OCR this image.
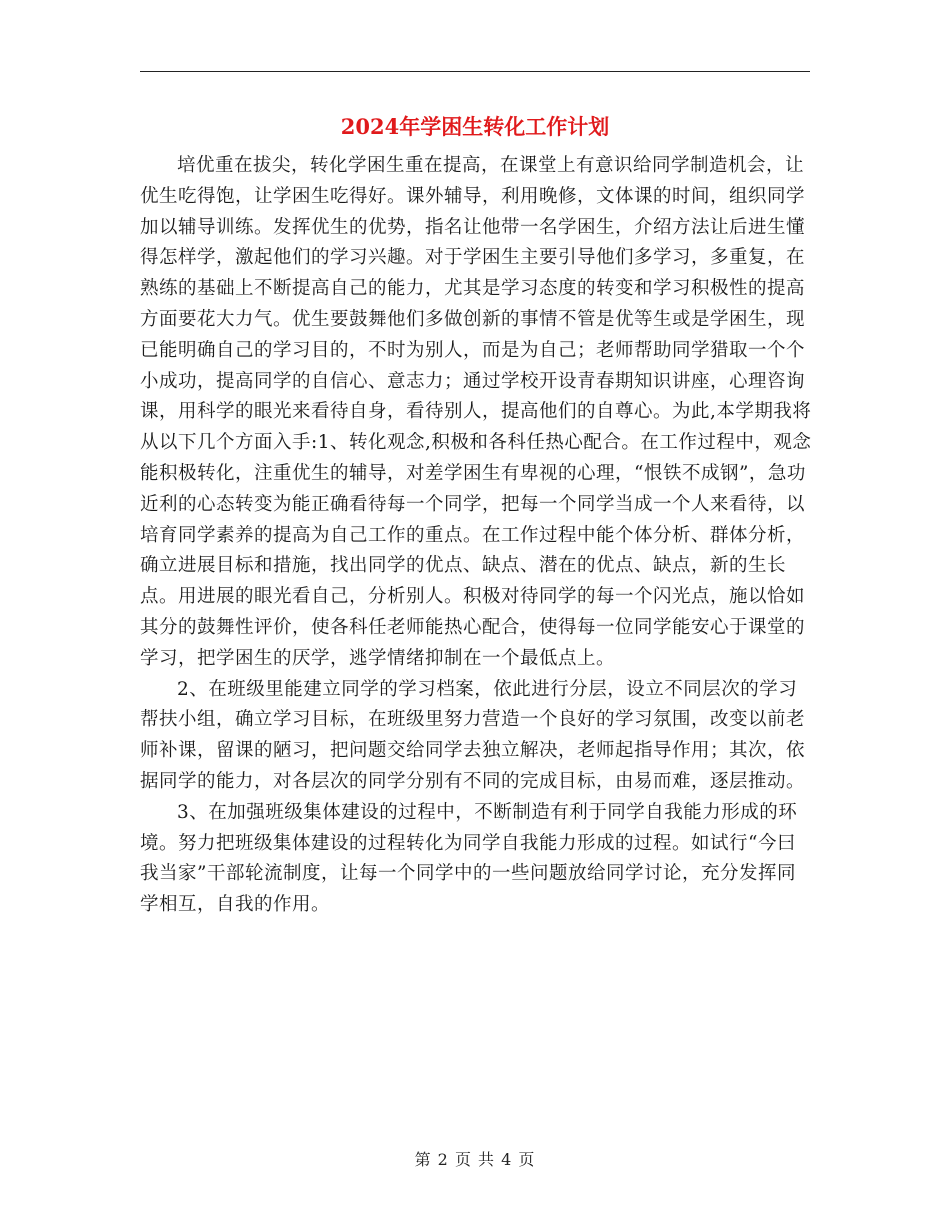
2024年学困生转化工作计划

培优重在拔尖，转化学困生重在提高，在课堂上有意识给同学制造机会，让优生吃得饱，让学困生吃得好。课外辅导，利用晚修，文体课的时间，组织同学加以辅导训练。发挥优生的优势，指名让他带一名学困生，介绍方法让后进生懂得怎样学，激起他们的学习兴趣。对于学困生主要引导他们多学习，多重复，在熟练的基础上不断提高自己的能力，尤其是学习态度的转变和学习积极性的提高方面要花大力气。优生要鼓舞他们多做创新的事情不管是优等生或是学困生，现已能明确自己的学习目的，不时为别人，而是为自己；老师帮助同学猎取一个个小成功，提高同学的自信心、意志力；通过学校开设青春期知识讲座，心理咨询课，用科学的眼光来看待自身，看待别人，提高他们的自尊心。为此,本学期我将从以下几个方面入手:1、转化观念,积极和各科任热心配合。在工作过程中，观念能积极转化，注重优生的辅导，对差学困生有卑视的心理，“恨铁不成钢”，急功近利的心态转变为能正确看待每一个同学，把每一个同学当成一个人来看待，以培育同学素养的提高为自己工作的重点。在工作过程中能个体分析、群体分析，确立进展目标和措施，找出同学的优点、缺点、潜在的优点、缺点，新的生长点。用进展的眼光看自己，分析别人。积极对待同学的每一个闪光点，施以恰如其分的鼓舞性评价，使各科任老师能热心配合，使得每一位同学能安心于课堂的学习，把学困生的厌学，逃学情绪抑制在一个最低点上。

2、在班级里能建立同学的学习档案，依此进行分层，设立不同层次的学习帮扶小组，确立学习目标，在班级里努力营造一个良好的学习氛围，改变以前老师补课，留课的陋习，把问题交给同学去独立解决，老师起指导作用；其次，依据同学的能力，对各层次的同学分别有不同的完成目标，由易而难，逐层推动。

3、在加强班级集体建设的过程中，不断制造有利于同学自我能力形成的环境。努力把班级集体建设的过程转化为同学自我能力形成的过程。如试行“今曰我当家”干部轮流制度，让每一个同学中的一些问题放给同学讨论，充分发挥同学相互，自我的作用。

第 2 页 共 4 页
